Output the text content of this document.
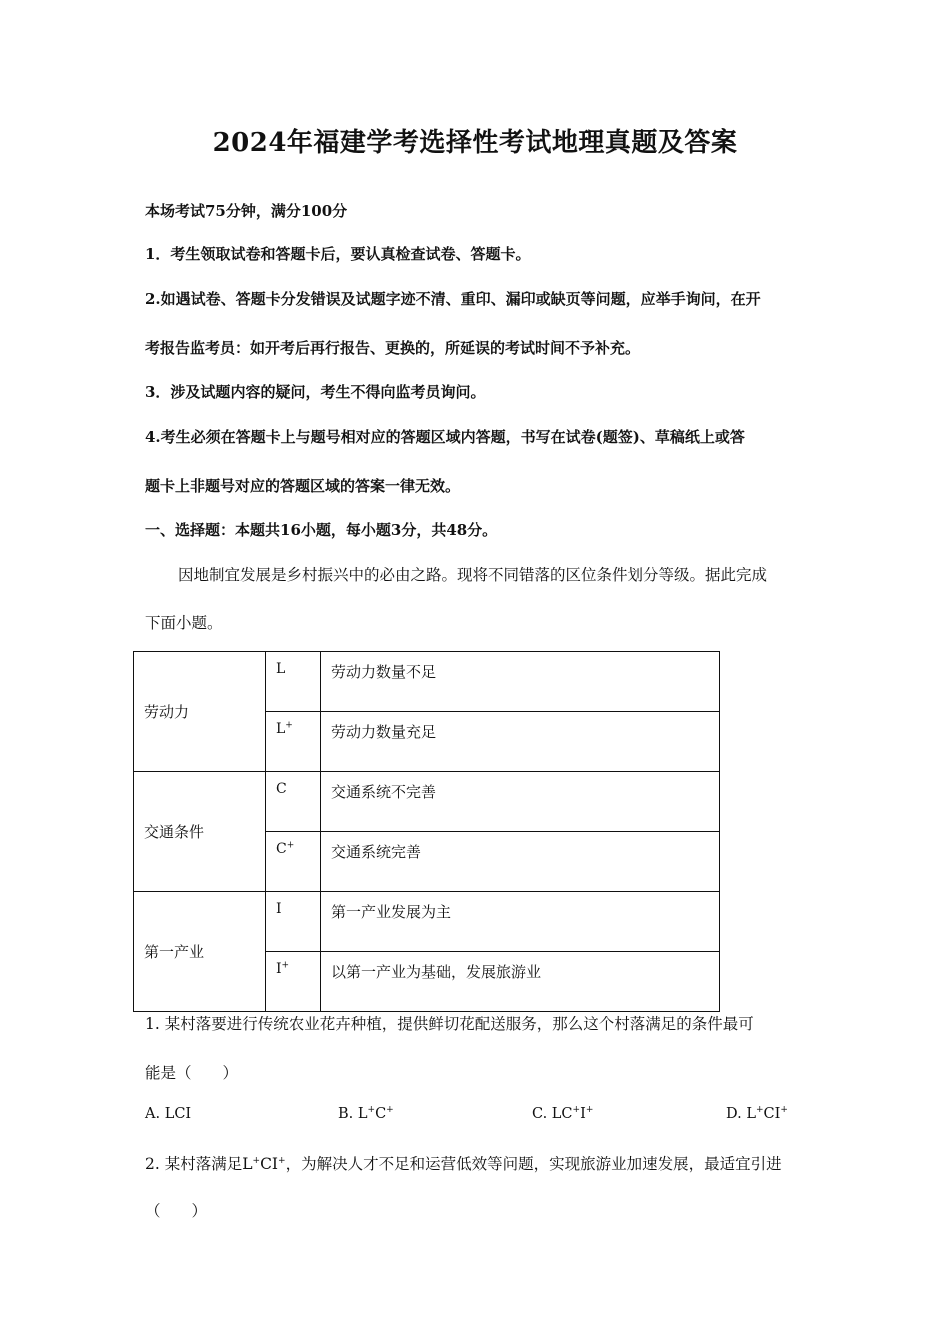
2024年福建学考选择性考试地理真题及答案
本场考试75分钟，满分100分
1．考生领取试卷和答题卡后，要认真检查试卷、答题卡。
2.如遇试卷、答题卡分发错误及试题字迹不清、重印、漏印或缺页等问题，应举手询问，在开
考报告监考员：如开考后再行报告、更换的，所延误的考试时间不予补充。
3．涉及试题内容的疑问，考生不得向监考员询问。
4.考生必须在答题卡上与题号相对应的答题区域内答题，书写在试卷(题签)、草稿纸上或答
题卡上非题号对应的答题区域的答案一律无效。
一、选择题：本题共16小题，每小题3分，共48分。
因地制宜发展是乡村振兴中的必由之路。现将不同错落的区位条件划分等级。据此完成
下面小题。
劳动力	L	劳动力数量不足
	L+	劳动力数量充足
交通条件	C	交通系统不完善
	C+	交通系统完善
第一产业	I	第一产业发展为主
	I+	以第一产业为基础，发展旅游业
1. 某村落要进行传统农业花卉种植，提供鲜切花配送服务，那么这个村落满足的条件最可
能是（　　）
A. LCI	B. L+C+	C. LC+I+	D. L+CI+
2. 某村落满足L+CI+，为解决人才不足和运营低效等问题，实现旅游业加速发展，最适宜引进
（　　）
